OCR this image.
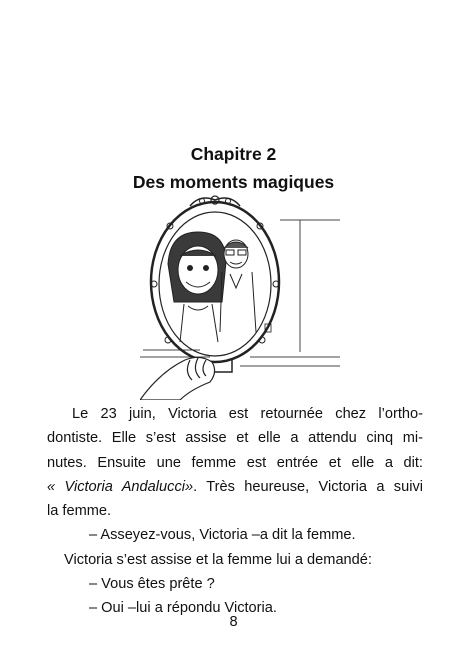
Chapitre 2
Des moments magiques
Le 23 juin, Victoria est retournée chez l’ortho-
dontiste. Elle s’est assise et elle a attendu cinq mi-
nutes. Ensuite une femme est entrée et elle a dit:
« Victoria Andalucci». Très heureuse, Victoria a suivi
la femme.
– Asseyez-vous, Victoria –a dit la femme.
Victoria s’est assise et la femme lui a demandé:
– Vous êtes prête ?
– Oui –lui a répondu Victoria.
8
